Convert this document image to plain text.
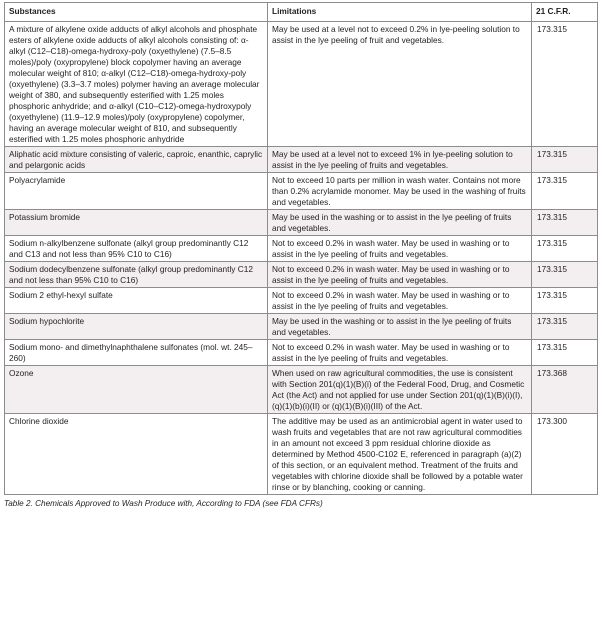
Substances	Limitations	21 C.F.R.
A mixture of alkylene oxide adducts of alkyl alcohols and phosphate esters of alkylene oxide adducts of alkyl alcohols consisting of: α-alkyl (C12–C18)-omega-hydroxy-poly (oxyethylene) (7.5–8.5 moles)/poly (oxypropylene) block copolymer having an average molecular weight of 810; α-alkyl (C12–C18)-omega-hydroxy-poly (oxyethylene) (3.3–3.7 moles) polymer having an average molecular weight of 380, and subsequently esterified with 1.25 moles phosphoric anhydride; and α-alkyl (C10–C12)-omega-hydroxypoly (oxyethylene) (11.9–12.9 moles)/poly (oxypropylene) copolymer, having an average molecular weight of 810, and subsequently esterified with 1.25 moles phosphoric anhydride	May be used at a level not to exceed 0.2% in lye-peeling solution to assist in the lye peeling of fruit and vegetables.	173.315
Aliphatic acid mixture consisting of valeric, caproic, enanthic, caprylic and pelargonic acids	May be used at a level not to exceed 1% in lye-peeling solution to assist in the lye peeling of fruits and vegetables.	173.315
Polyacrylamide	Not to exceed 10 parts per million in wash water. Contains not more than 0.2% acrylamide monomer. May be used in the washing of fruits and vegetables.	173.315
Potassium bromide	May be used in the washing or to assist in the lye peeling of fruits and vegetables.	173.315
Sodium n-alkylbenzene sulfonate (alkyl group predominantly C12 and C13 and not less than 95% C10 to C16)	Not to exceed 0.2% in wash water. May be used in washing or to assist in the lye peeling of fruits and vegetables.	173.315
Sodium dodecylbenzene sulfonate (alkyl group predominantly C12 and not less than 95% C10 to C16)	Not to exceed 0.2% in wash water. May be used in washing or to assist in the lye peeling of fruits and vegetables.	173.315
Sodium 2 ethyl-hexyl sulfate	Not to exceed 0.2% in wash water. May be used in washing or to assist in the lye peeling of fruits and vegetables.	173.315
Sodium hypochlorite	May be used in the washing or to assist in the lye peeling of fruits and vegetables.	173.315
Sodium mono- and dimethylnaphthalene sulfonates (mol. wt. 245–260)	Not to exceed 0.2% in wash water. May be used in washing or to assist in the lye peeling of fruits and vegetables.	173.315
Ozone	When used on raw agricultural commodities, the use is consistent with Section 201(q)(1)(B)(i) of the Federal Food, Drug, and Cosmetic Act (the Act) and not applied for use under Section 201(q)(1)(B)(i)(I), (q)(1)(b)(i)(II) or (q)(1)(B)(i)(III) of the Act.	173.368
Chlorine dioxide	The additive may be used as an antimicrobial agent in water used to wash fruits and vegetables that are not raw agricultural commodities in an amount not exceed 3 ppm residual chlorine dioxide as determined by Method 4500-C102 E, referenced in paragraph (a)(2) of this section, or an equivalent method. Treatment of the fruits and vegetables with chlorine dioxide shall be followed by a potable water rinse or by blanching, cooking or canning.	173.300
Table 2. Chemicals Approved to Wash Produce with, According to FDA (see FDA CFRs)
